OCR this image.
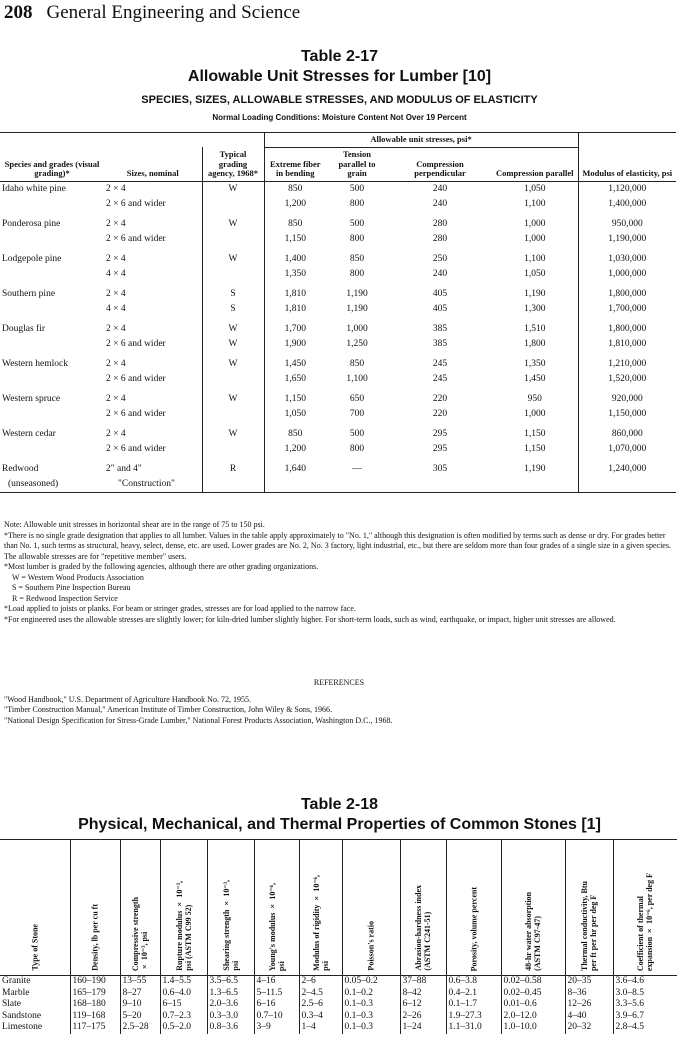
208 General Engineering and Science
Table 2-17
Allowable Unit Stresses for Lumber [10]
SPECIES, SIZES, ALLOWABLE STRESSES, AND MODULUS OF ELASTICITY
Normal Loading Conditions: Moisture Content Not Over 19 Percent
			Allowable unit stresses, psi*				
Species and grades (visual grading)*	Sizes, nominal	Typical grading agency, 1968*	Extreme fiber in bending	Tension parallel to grain	Compression perpendicular	Compression parallel	Modulus of elasticity, psi
Idaho white pine	2 × 4	W	850	500	240	1,050	1,120,000
	2 × 6 and wider		1,200	800	240	1,100	1,400,000

Ponderosa pine	2 × 4	W	850	500	280	1,000	950,000
	2 × 6 and wider		1,150	800	280	1,000	1,190,000

Lodgepole pine	2 × 4	W	1,400	850	250	1,100	1,030,000
	4 × 4		1,350	800	240	1,050	1,000,000

Southern pine	2 × 4	S	1,810	1,190	405	1,190	1,800,000
	4 × 4	S	1,810	1,190	405	1,300	1,700,000

Douglas fir	2 × 4	W	1,700	1,000	385	1,510	1,800,000
	2 × 6 and wider	W	1,900	1,250	385	1,800	1,810,000

Western hemlock	2 × 4	W	1,450	850	245	1,350	1,210,000
	2 × 6 and wider		1,650	1,100	245	1,450	1,520,000

Western spruce	2 × 4	W	1,150	650	220	950	920,000
	2 × 6 and wider		1,050	700	220	1,000	1,150,000

Western cedar	2 × 4	W	850	500	295	1,150	860,000
	2 × 6 and wider		1,200	800	295	1,150	1,070,000

Redwood	2" and 4"	R	1,640	—	305	1,190	1,240,000
(unseasoned)	"Construction"						

Note: Allowable unit stresses in horizontal shear are in the range of 75 to 150 psi.

*There is no single grade designation that applies to all lumber. Values in the table apply approximately to "No. 1," although this designation is often modified by terms such as dense or dry. For grades better than No. 1, such terms as structural, heavy, select, dense, etc. are used. Lower grades are No. 2, No. 3 factory, light industrial, etc., but there are seldom more than four grades of a single size in a given species. The allowable stresses are for "repetitive member" users.

*Most lumber is graded by the following agencies, although there are other grading organizations.

W = Western Wood Products Association

S = Southern Pine Inspection Bureau

R = Redwood Inspection Service

*Load applied to joists or planks. For beam or stringer grades, stresses are for load applied to the narrow face.

*For engineered uses the allowable stresses are slightly lower; for kiln-dried lumber slightly higher. For short-term loads, such as wind, earthquake, or impact, higher unit stresses are allowed.

REFERENCES

"Wood Handbook," U.S. Department of Agriculture Handbook No. 72, 1955.

"Timber Construction Manual," American Institute of Timber Construction, John Wiley & Sons, 1966.

"National Design Specification for Stress-Grade Lumber," National Forest Products Association, Washington D.C., 1968.

Table 2-18
Physical, Mechanical, and Thermal Properties of Common Stones [1]
Type of Stone	Density, lb per cu ft	Compressive strength
× 10⁻³, psi	Rupture modulus × 10⁻³,
psi (ASTM C99 52)	Shearing strength × 10⁻³,
psi	Young's modulus × 10⁻⁶,
psi	Modulus of rigidity × 10⁻⁶,
psi	Poisson's ratio	Abrasion-hardness index
(ASTM C241-51)	Porosity, volume percent	48-hr water absorption
(ASTM C97-47)	Thermal conductivity, Btu
per ft per hr per deg F	Coefficient of thermal
expansion × 10⁻⁶, per deg F

Granite	160–190	13–55	1.4–5.5	3.5–6.5	4–16	2–6	0.05–0.2	37–88	0.6–3.8	0.02–0.58	20–35	3.6–4.6
Marble	165–179	8–27	0.6–4.0	1.3–6.5	5–11.5	2–4.5	0.1–0.2	8–42	0.4–2.1	0.02–0.45	8–36	3.0–8.5
Slate	168–180	9–10	6–15	2.0–3.6	6–16	2.5–6	0.1–0.3	6–12	0.1–1.7	0.01–0.6	12–26	3.3–5.6
Sandstone	119–168	5–20	0.7–2.3	0.3–3.0	0.7–10	0.3–4	0.1–0.3	2–26	1.9–27.3	2.0–12.0	4–40	3.9–6.7
Limestone	117–175	2.5–28	0.5–2.0	0.8–3.6	3–9	1–4	0.1–0.3	1–24	1.1–31.0	1.0–10.0	20–32	2.8–4.5
